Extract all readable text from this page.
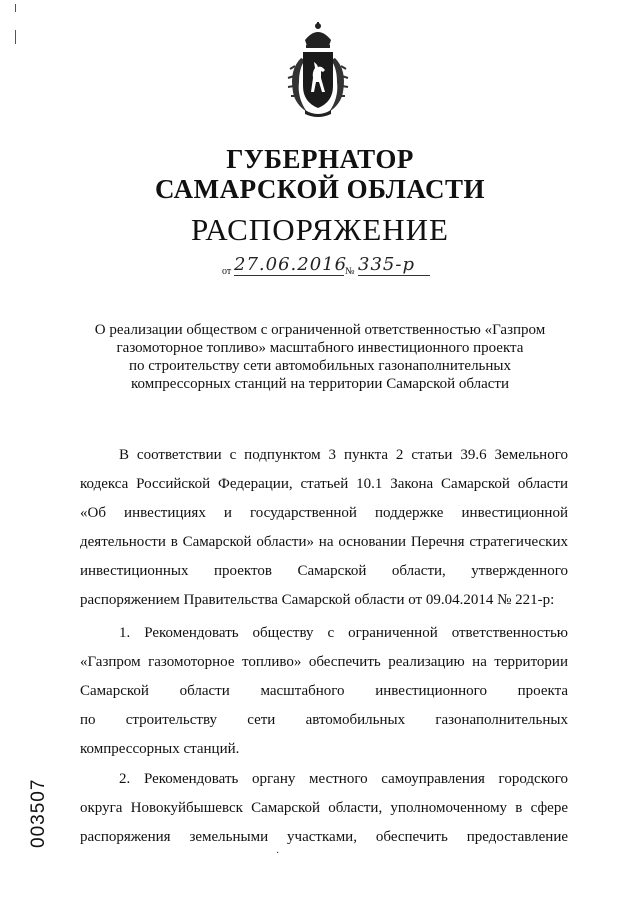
ГУБЕРНАТОР
САМАРСКОЙ ОБЛАСТИ
РАСПОРЯЖЕНИЕ
от 27.06.2016
№ 335-р
О реализации обществом с ограниченной ответственностью «Газпром
газомоторное топливо» масштабного инвестиционного проекта
по строительству сети автомобильных газонаполнительных
компрессорных станций на территории Самарской области
В соответствии с подпунктом 3 пункта 2 статьи 39.6 Земельного
кодекса Российской Федерации, статьей 10.1 Закона Самарской области
«Об инвестициях и государственной поддержке инвестиционной
деятельности в Самарской области» на основании Перечня стратегических
инвестиционных проектов Самарской области, утвержденного
распоряжением Правительства Самарской области от 09.04.2014 № 221-р:
1. Рекомендовать обществу с ограниченной ответственностью
«Газпром газомоторное топливо» обеспечить реализацию на территории
Самарской области масштабного инвестиционного проекта
по строительству сети автомобильных газонаполнительных
компрессорных станций.
2. Рекомендовать органу местного самоуправления городского
округа Новокуйбышевск Самарской области, уполномоченному в сфере
распоряжения земельными участками, обеспечить предоставление
003507
·
